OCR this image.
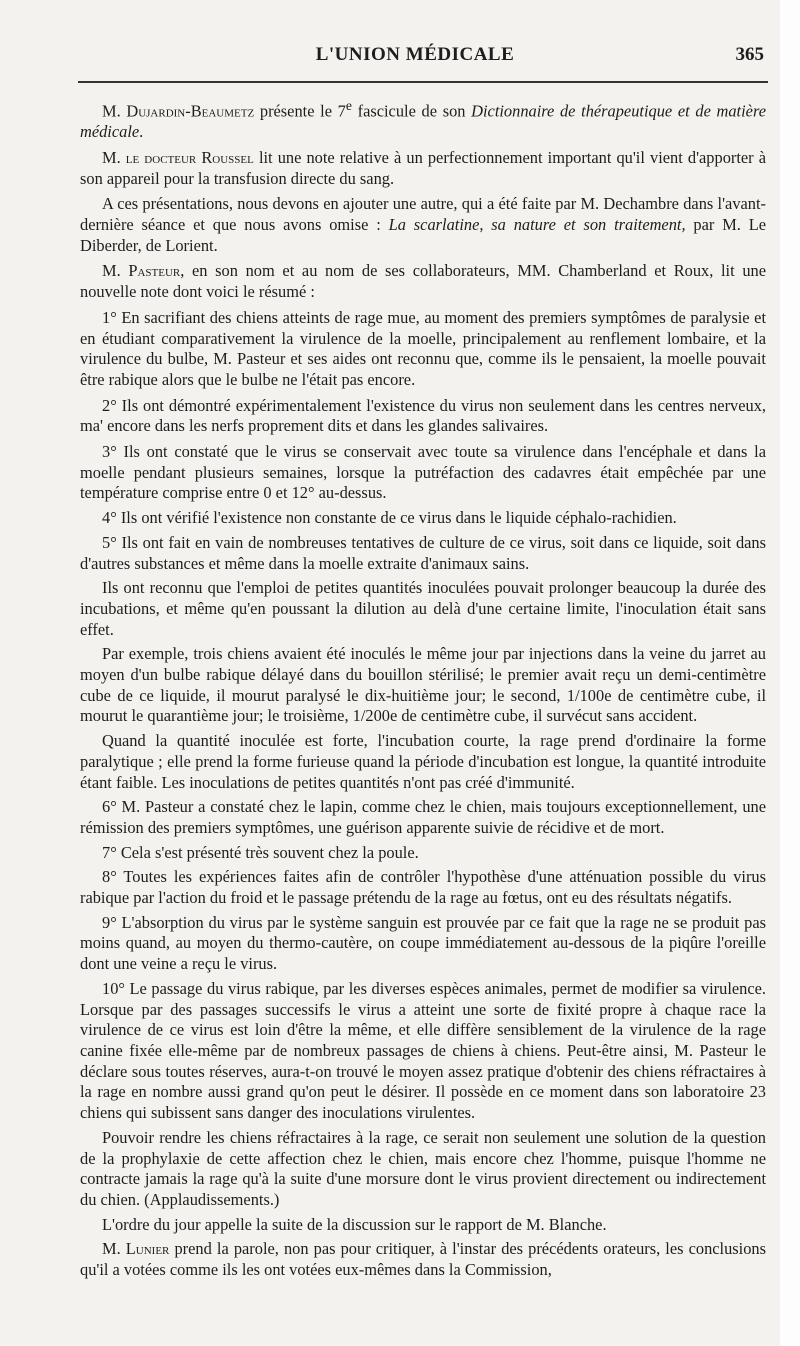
L'UNION MÉDICALE	365

M. Dujardin-Beaumetz présente le 7e fascicule de son Dictionnaire de thérapeutique et de matière médicale.

M. le docteur Roussel lit une note relative à un perfectionnement important qu'il vient d'apporter à son appareil pour la transfusion directe du sang.

A ces présentations, nous devons en ajouter une autre, qui a été faite par M. Dechambre dans l'avant-dernière séance et que nous avons omise : La scarlatine, sa nature et son traitement, par M. Le Diberder, de Lorient.

M. Pasteur, en son nom et au nom de ses collaborateurs, MM. Chamberland et Roux, lit une nouvelle note dont voici le résumé :

1° En sacrifiant des chiens atteints de rage mue, au moment des premiers symptômes de paralysie et en étudiant comparativement la virulence de la moelle, principalement au renflement lombaire, et la virulence du bulbe, M. Pasteur et ses aides ont reconnu que, comme ils le pensaient, la moelle pouvait être rabique alors que le bulbe ne l'était pas encore.

2° Ils ont démontré expérimentalement l'existence du virus non seulement dans les centres nerveux, ma' encore dans les nerfs proprement dits et dans les glandes salivaires.

3° Ils ont constaté que le virus se conservait avec toute sa virulence dans l'encéphale et dans la moelle pendant plusieurs semaines, lorsque la putréfaction des cadavres était empêchée par une température comprise entre 0 et 12° au-dessus.

4° Ils ont vérifié l'existence non constante de ce virus dans le liquide céphalo-rachidien.

5° Ils ont fait en vain de nombreuses tentatives de culture de ce virus, soit dans ce liquide, soit dans d'autres substances et même dans la moelle extraite d'animaux sains.

Ils ont reconnu que l'emploi de petites quantités inoculées pouvait prolonger beaucoup la durée des incubations, et même qu'en poussant la dilution au delà d'une certaine limite, l'inoculation était sans effet.

Par exemple, trois chiens avaient été inoculés le même jour par injections dans la veine du jarret au moyen d'un bulbe rabique délayé dans du bouillon stérilisé; le premier avait reçu un demi-centimètre cube de ce liquide, il mourut paralysé le dix-huitième jour; le second, 1/100e de centimètre cube, il mourut le quarantième jour; le troisième, 1/200e de centimètre cube, il survécut sans accident.

Quand la quantité inoculée est forte, l'incubation courte, la rage prend d'ordinaire la forme paralytique ; elle prend la forme furieuse quand la période d'incubation est longue, la quantité introduite étant faible. Les inoculations de petites quantités n'ont pas créé d'immunité.

6° M. Pasteur a constaté chez le lapin, comme chez le chien, mais toujours exceptionnellement, une rémission des premiers symptômes, une guérison apparente suivie de récidive et de mort.

7° Cela s'est présenté très souvent chez la poule.

8° Toutes les expériences faites afin de contrôler l'hypothèse d'une atténuation possible du virus rabique par l'action du froid et le passage prétendu de la rage au fœtus, ont eu des résultats négatifs.

9° L'absorption du virus par le système sanguin est prouvée par ce fait que la rage ne se produit pas moins quand, au moyen du thermo-cautère, on coupe immédiatement au-dessous de la piqûre l'oreille dont une veine a reçu le virus.

10° Le passage du virus rabique, par les diverses espèces animales, permet de modifier sa virulence. Lorsque par des passages successifs le virus a atteint une sorte de fixité propre à chaque race la virulence de ce virus est loin d'être la même, et elle diffère sensiblement de la virulence de la rage canine fixée elle-même par de nombreux passages de chiens à chiens. Peut-être ainsi, M. Pasteur le déclare sous toutes réserves, aura-t-on trouvé le moyen assez pratique d'obtenir des chiens réfractaires à la rage en nombre aussi grand qu'on peut le désirer. Il possède en ce moment dans son laboratoire 23 chiens qui subissent sans danger des inoculations virulentes.

Pouvoir rendre les chiens réfractaires à la rage, ce serait non seulement une solution de la question de la prophylaxie de cette affection chez le chien, mais encore chez l'homme, puisque l'homme ne contracte jamais la rage qu'à la suite d'une morsure dont le virus provient directement ou indirectement du chien. (Applaudissements.)

L'ordre du jour appelle la suite de la discussion sur le rapport de M. Blanche.

M. Lunier prend la parole, non pas pour critiquer, à l'instar des précédents orateurs, les conclusions qu'il a votées comme ils les ont votées eux-mêmes dans la Commission,
